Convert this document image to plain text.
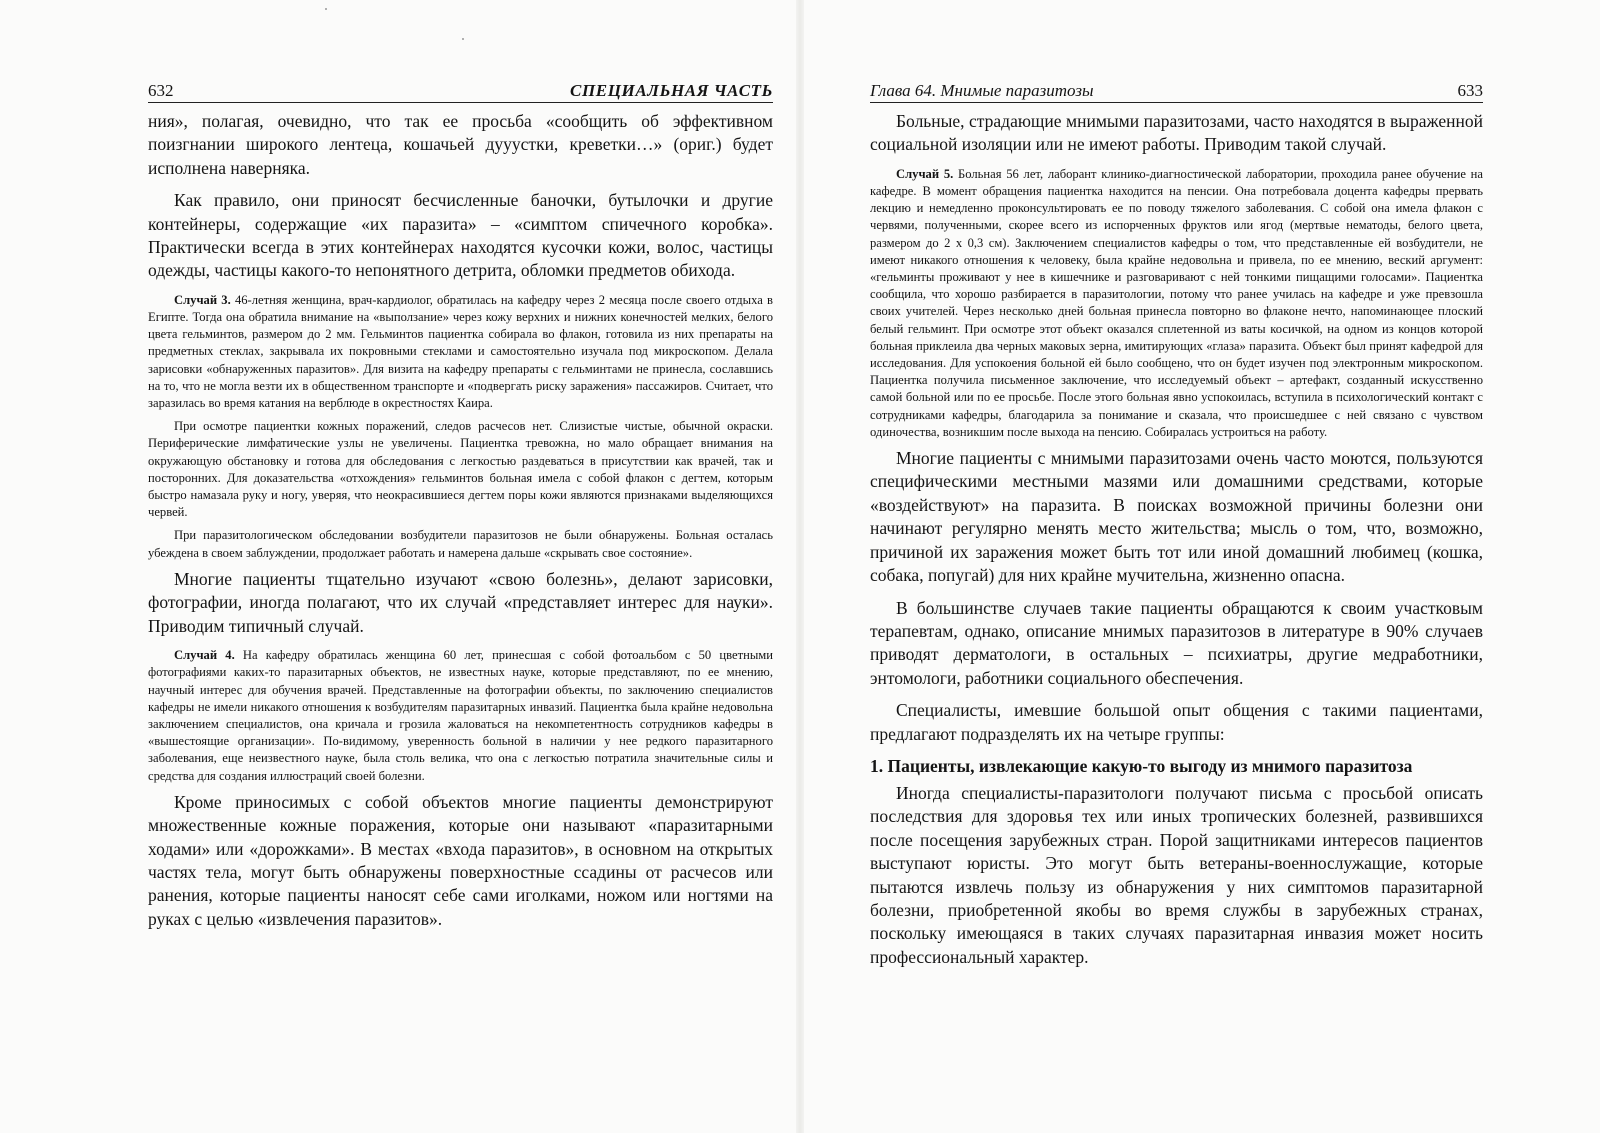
632	СПЕЦИАЛЬНАЯ ЧАСТЬ

ния», полагая, очевидно, что так ее просьба «сообщить об эффективном поизгнании широкого лентеца, кошачьей дууустки, креветки…» (ориг.) будет исполнена наверняка.

Как правило, они приносят бесчисленные баночки, бутылочки и другие контейнеры, содержащие «их паразита» – «симптом спичечного коробка». Практически всегда в этих контейнерах находятся кусочки кожи, волос, частицы одежды, частицы какого-то непонятного детрита, обломки предметов обихода.

Случай 3. 46-летняя женщина, врач-кардиолог, обратилась на кафедру через 2 месяца после своего отдыха в Египте. Тогда она обратила внимание на «выползание» через кожу верхних и нижних конечностей мелких, белого цвета гельминтов, размером до 2 мм. Гельминтов пациентка собирала во флакон, готовила из них препараты на предметных стеклах, закрывала их покровными стеклами и самостоятельно изучала под микроскопом. Делала зарисовки «обнаруженных паразитов». Для визита на кафедру препараты с гельминтами не принесла, сославшись на то, что не могла везти их в общественном транспорте и «подвергать риску заражения» пассажиров. Считает, что заразилась во время катания на верблюде в окрестностях Каира.

При осмотре пациентки кожных поражений, следов расчесов нет. Слизистые чистые, обычной окраски. Периферические лимфатические узлы не увеличены. Пациентка тревожна, но мало обращает внимания на окружающую обстановку и готова для обследования с легкостью раздеваться в присутствии как врачей, так и посторонних. Для доказательства «отхождения» гельминтов больная имела с собой флакон с дегтем, которым быстро намазала руку и ногу, уверяя, что неокрасившиеся дегтем поры кожи являются признаками выделяющихся червей.

При паразитологическом обследовании возбудители паразитозов не были обнаружены. Больная осталась убеждена в своем заблуждении, продолжает работать и намерена дальше «скрывать свое состояние».

Многие пациенты тщательно изучают «свою болезнь», делают зарисовки, фотографии, иногда полагают, что их случай «представляет интерес для науки». Приводим типичный случай.

Случай 4. На кафедру обратилась женщина 60 лет, принесшая с собой фотоальбом с 50 цветными фотографиями каких-то паразитарных объектов, не известных науке, которые представляют, по ее мнению, научный интерес для обучения врачей. Представленные на фотографии объекты, по заключению специалистов кафедры не имели никакого отношения к возбудителям паразитарных инвазий. Пациентка была крайне недовольна заключением специалистов, она кричала и грозила жаловаться на некомпетентность сотрудников кафедры в «вышестоящие организации». По-видимому, уверенность больной в наличии у нее редкого паразитарного заболевания, еще неизвестного науке, была столь велика, что она с легкостью потратила значительные силы и средства для создания иллюстраций своей болезни.

Кроме приносимых с собой объектов многие пациенты демонстрируют множественные кожные поражения, которые они называют «паразитарными ходами» или «дорожками». В местах «входа паразитов», в основном на открытых частях тела, могут быть обнаружены поверхностные ссадины от расчесов или ранения, которые пациенты наносят себе сами иголками, ножом или ногтями на руках с целью «извлечения паразитов».

Глава 64. Мнимые паразитозы	633

Больные, страдающие мнимыми паразитозами, часто находятся в выраженной социальной изоляции или не имеют работы. Приводим такой случай.

Случай 5. Больная 56 лет, лаборант клинико-диагностической лаборатории, проходила ранее обучение на кафедре. В момент обращения пациентка находится на пенсии. Она потребовала доцента кафедры прервать лекцию и немедленно проконсультировать ее по поводу тяжелого заболевания. С собой она имела флакон с червями, полученными, скорее всего из испорченных фруктов или ягод (мертвые нематоды, белого цвета, размером до 2 х 0,3 см). Заключением специалистов кафедры о том, что представленные ей возбудители, не имеют никакого отношения к человеку, была крайне недовольна и привела, по ее мнению, веский аргумент: «гельминты проживают у нее в кишечнике и разговаривают с ней тонкими пищащими голосами». Пациентка сообщила, что хорошо разбирается в паразитологии, потому что ранее училась на кафедре и уже превзошла своих учителей. Через несколько дней больная принесла повторно во флаконе нечто, напоминающее плоский белый гельминт. При осмотре этот объект оказался сплетенной из ваты косичкой, на одном из концов которой больная приклеила два черных маковых зерна, имитирующих «глаза» паразита. Объект был принят кафедрой для исследования. Для успокоения больной ей было сообщено, что он будет изучен под электронным микроскопом. Пациентка получила письменное заключение, что исследуемый объект – артефакт, созданный искусственно самой больной или по ее просьбе. После этого больная явно успокоилась, вступила в психологический контакт с сотрудниками кафедры, благодарила за понимание и сказала, что происшедшее с ней связано с чувством одиночества, возникшим после выхода на пенсию. Собиралась устроиться на работу.

Многие пациенты с мнимыми паразитозами очень часто моются, пользуются специфическими местными мазями или домашними средствами, которые «воздействуют» на паразита. В поисках возможной причины болезни они начинают регулярно менять место жительства; мысль о том, что, возможно, причиной их заражения может быть тот или иной домашний любимец (кошка, собака, попугай) для них крайне мучительна, жизненно опасна.

В большинстве случаев такие пациенты обращаются к своим участковым терапевтам, однако, описание мнимых паразитозов в литературе в 90% случаев приводят дерматологи, в остальных – психиатры, другие медработники, энтомологи, работники социального обеспечения.

Специалисты, имевшие большой опыт общения с такими пациентами, предлагают подразделять их на четыре группы:

1. Пациенты, извлекающие какую-то выгоду из мнимого паразитоза

Иногда специалисты-паразитологи получают письма с просьбой описать последствия для здоровья тех или иных тропических болезней, развившихся после посещения зарубежных стран. Порой защитниками интересов пациентов выступают юристы. Это могут быть ветераны-военнослужащие, которые пытаются извлечь пользу из обнаружения у них симптомов паразитарной болезни, приобретенной якобы во время службы в зарубежных странах, поскольку имеющаяся в таких случаях паразитарная инвазия может носить профессиональный характер.
